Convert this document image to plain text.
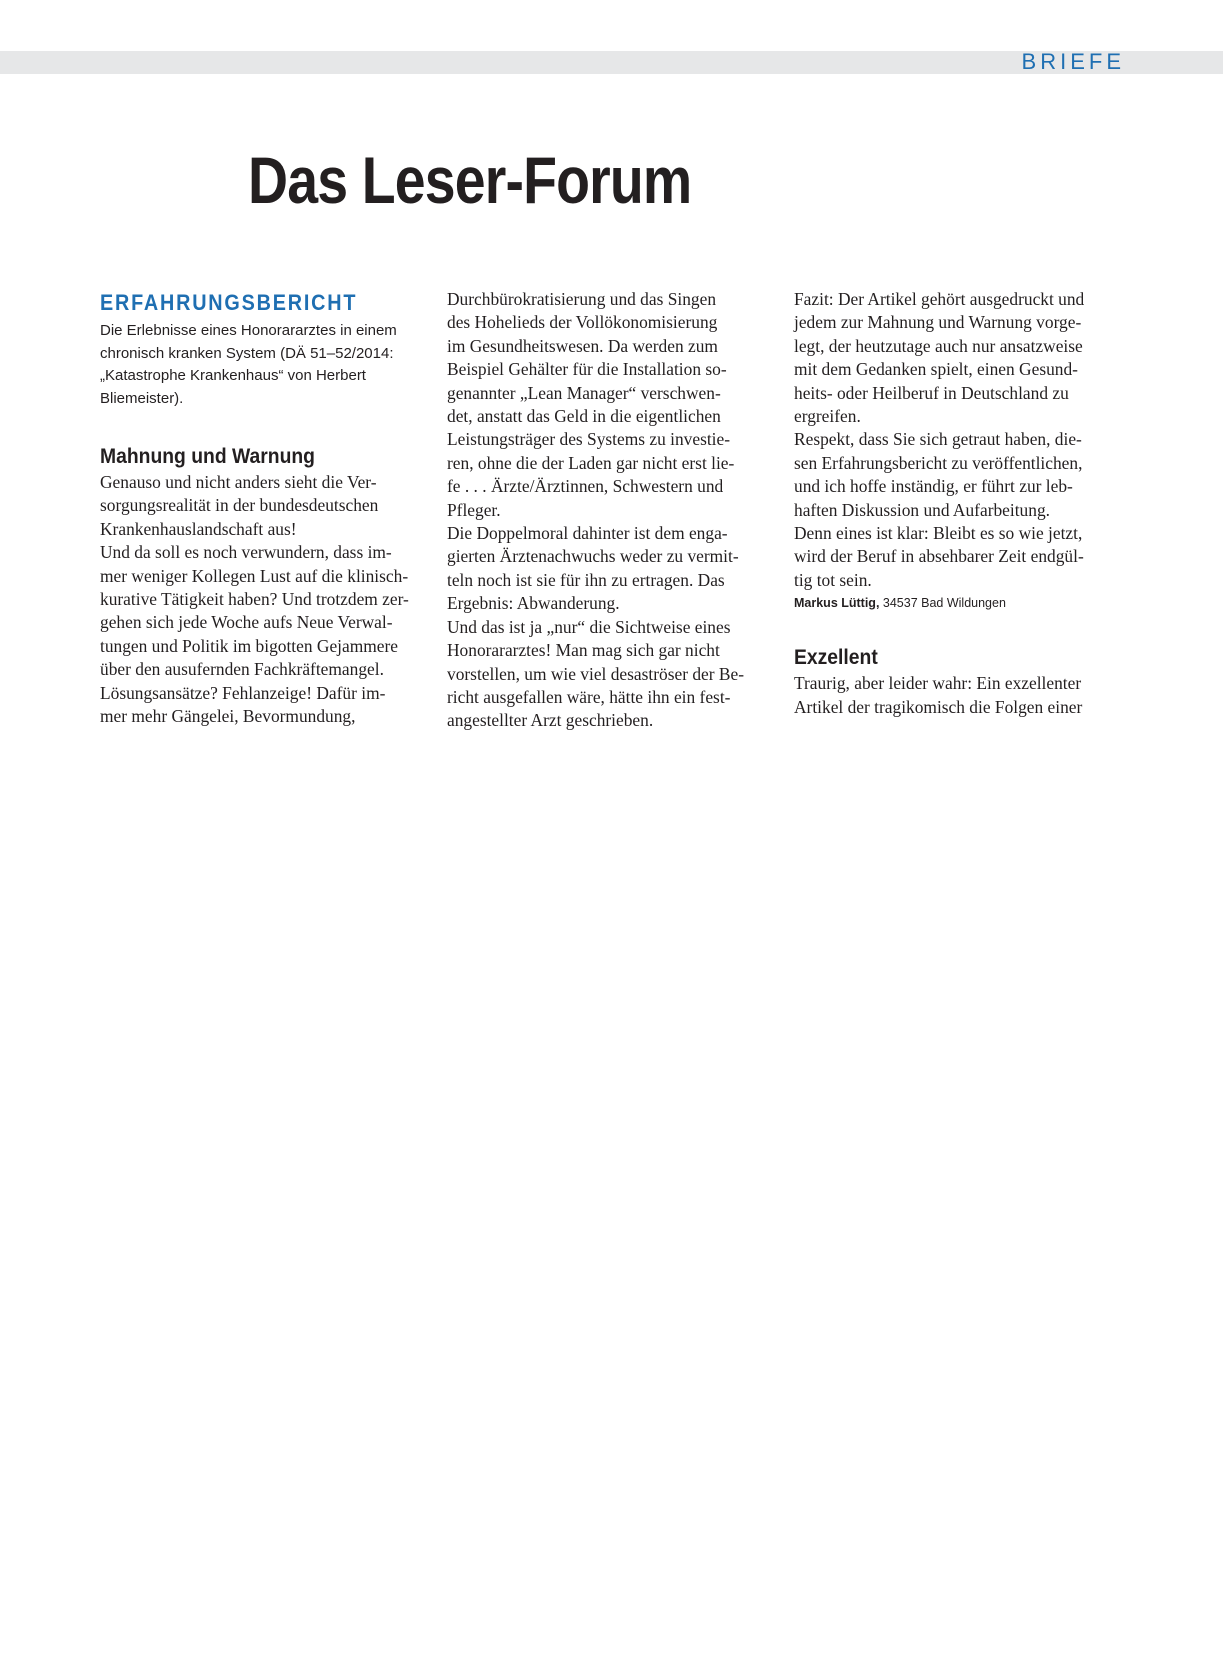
BRIEFE
Das Leser-Forum
ERFAHRUNGSBERICHT

Die Erlebnisse eines Honorararztes in einem chronisch kranken System (DÄ 51–52/2014: „Katastrophe Krankenhaus“ von Herbert Bliemeister).

Mahnung und Warnung
Genauso und nicht anders sieht die Ver-
sorgungsrealität in der bundesdeutschen
Krankenhauslandschaft aus!
Und da soll es noch verwundern, dass im-
mer weniger Kollegen Lust auf die klinisch-
kurative Tätigkeit haben? Und trotzdem zer-
gehen sich jede Woche aufs Neue Verwal-
tungen und Politik im bigotten Gejammere
über den ausufernden Fachkräftemangel.
Lösungsansätze? Fehlanzeige! Dafür im-
mer mehr Gängelei, Bevormundung,
Durchbürokratisierung und das Singen
des Hohelieds der Vollökonomisierung
im Gesundheitswesen. Da werden zum
Beispiel Gehälter für die Installation so-
genannter „Lean Manager“ verschwen-
det, anstatt das Geld in die eigentlichen
Leistungsträger des Systems zu investie-
ren, ohne die der Laden gar nicht erst lie-
fe . . . Ärzte/Ärztinnen, Schwestern und
Pfleger.
Die Doppelmoral dahinter ist dem enga-
gierten Ärztenachwuchs weder zu vermit-
teln noch ist sie für ihn zu ertragen. Das
Ergebnis: Abwanderung.
Und das ist ja „nur“ die Sichtweise eines
Honorararztes! Man mag sich gar nicht
vorstellen, um wie viel desaströser der Be-
richt ausgefallen wäre, hätte ihn ein fest-
angestellter Arzt geschrieben.
Fazit: Der Artikel gehört ausgedruckt und
jedem zur Mahnung und Warnung vorge-
legt, der heutzutage auch nur ansatzweise
mit dem Gedanken spielt, einen Gesund-
heits- oder Heilberuf in Deutschland zu
ergreifen.
Respekt, dass Sie sich getraut haben, die-
sen Erfahrungsbericht zu veröffentlichen,
und ich hoffe inständig, er führt zur leb-
haften Diskussion und Aufarbeitung.
Denn eines ist klar: Bleibt es so wie jetzt,
wird der Beruf in absehbarer Zeit endgül-
tig tot sein.

Markus Lüttig, 34537 Bad Wildungen

Exzellent
Traurig, aber leider wahr: Ein exzellenter
Artikel der tragikomisch die Folgen einer
